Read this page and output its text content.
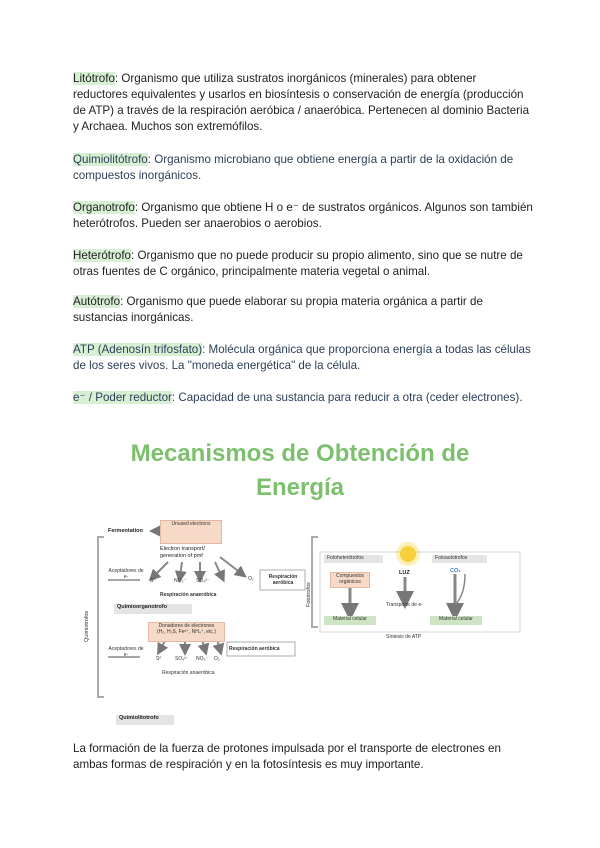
Litótrofo: Organismo que utiliza sustratos inorgánicos (minerales) para obtener reductores equivalentes y usarlos en biosíntesis o conservación de energía (producción de ATP) a través de la respiración aeróbica / anaeróbica. Pertenecen al dominio Bacteria y Archaea. Muchos son extremófilos.
Quimiolitótrofo: Organismo microbiano que obtiene energía a partir de la oxidación de compuestos inorgánicos.
Organotrofo: Organismo que obtiene H o e⁻ de sustratos orgánicos. Algunos son también heterótrofos. Pueden ser anaerobios o aerobios.
Heterótrofo: Organismo que no puede producir su propio alimento, sino que se nutre de otras fuentes de C orgánico, principalmente materia vegetal o animal.
Autótrofo: Organismo que puede elaborar su propia materia orgánica a partir de sustancias inorgánicas.
ATP (Adenosín trifosfato): Molécula orgánica que proporciona energía a todas las células de los seres vivos. La "moneda energética" de la célula.
e⁻ / Poder reductor: Capacidad de una sustancia para reducir a otra (ceder electrones).
Mecanismos de Obtención de Energía
Fermentation
Unused electrons
Electron transport/ generation of pmf
Aceptadores de e-
S⁰	NO₃⁻ SO₄²⁻	O₂	Respiración aeróbica
Respiración anaeróbica
Quimioorganotrofo
Quimiotrofos	Donadores de electrones
(H₂, H₂S, Fe²⁺, NH₄⁺, etc.)
Aceptadores de e-
S⁰	SO₄²⁻ NO₃⁻ O₂
Respiración aeróbica
Respiración anaeróbica
Quimiolitotrofo
Fototrofos
Fotoheterótrofos	Fotoautotrofos
Compuestos orgánicos
LUZ	CO₂
Transporte de e-
Síntesis de ATP
Material celular	Material celular
La formación de la fuerza de protones impulsada por el transporte de electrones en ambas formas de respiración y en la fotosíntesis es muy importante.
